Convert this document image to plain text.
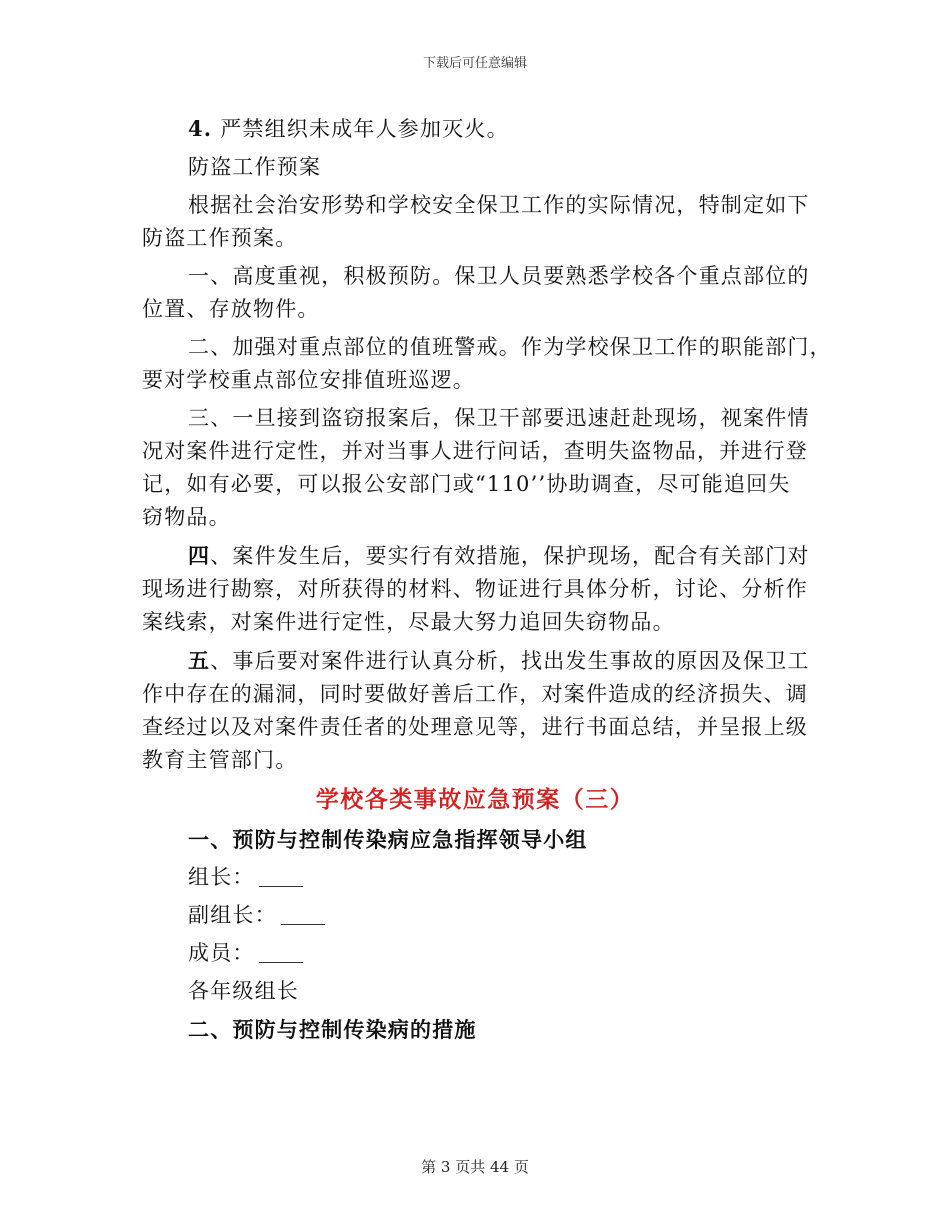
下载后可任意编辑
4. 严禁组织未成年人参加灭火。
防盗工作预案
根据社会治安形势和学校安全保卫工作的实际情况，特制定如下
防盗工作预案。
一、高度重视，积极预防。保卫人员要熟悉学校各个重点部位的
位置、存放物件。
二、加强对重点部位的值班警戒。作为学校保卫工作的职能部门，
要对学校重点部位安排值班巡逻。
三、一旦接到盗窃报案后，保卫干部要迅速赶赴现场，视案件情
况对案件进行定性，并对当事人进行问话，查明失盗物品，并进行登
记，如有必要，可以报公安部门或“110’’协助调查，尽可能追回失
窃物品。
四、案件发生后，要实行有效措施，保护现场，配合有关部门对
现场进行勘察，对所获得的材料、物证进行具体分析，讨论、分析作
案线索，对案件进行定性，尽最大努力追回失窃物品。
五、事后要对案件进行认真分析，找出发生事故的原因及保卫工
作中存在的漏洞，同时要做好善后工作，对案件造成的经济损失、调
查经过以及对案件责任者的处理意见等，进行书面总结，并呈报上级
教育主管部门。
学校各类事故应急预案（三）
一、预防与控制传染病应急指挥领导小组
组长：
副组长：
成员：
各年级组长
二、预防与控制传染病的措施
第 3 页共 44 页
